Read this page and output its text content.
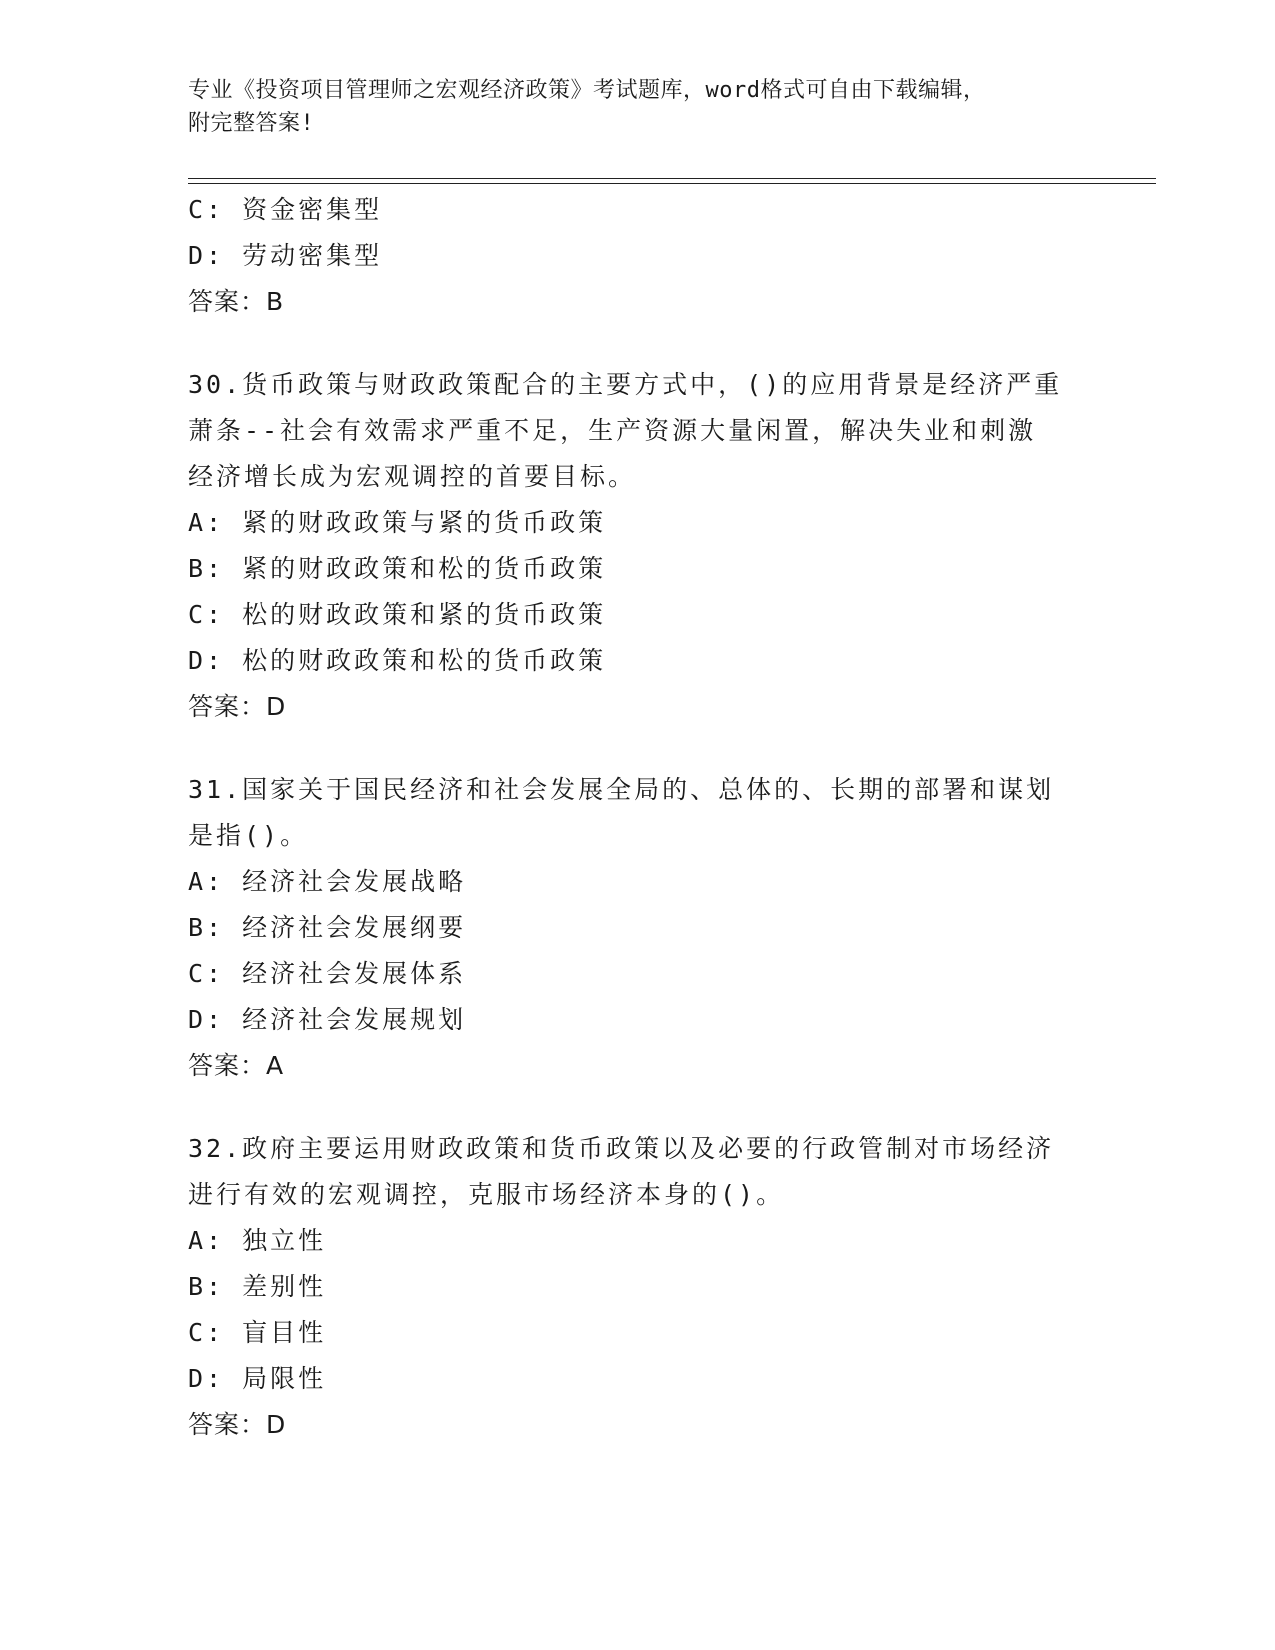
专业《投资项目管理师之宏观经济政策》考试题库，word格式可自由下载编辑，
附完整答案!
C: 资金密集型
D: 劳动密集型
答案：B
30.货币政策与财政政策配合的主要方式中，()的应用背景是经济严重
萧条--社会有效需求严重不足，生产资源大量闲置，解决失业和刺激
经济增长成为宏观调控的首要目标。
A: 紧的财政政策与紧的货币政策
B: 紧的财政政策和松的货币政策
C: 松的财政政策和紧的货币政策
D: 松的财政政策和松的货币政策
答案：D
31.国家关于国民经济和社会发展全局的、总体的、长期的部署和谋划
是指()。
A: 经济社会发展战略
B: 经济社会发展纲要
C: 经济社会发展体系
D: 经济社会发展规划
答案：A
32.政府主要运用财政政策和货币政策以及必要的行政管制对市场经济
进行有效的宏观调控，克服市场经济本身的()。
A: 独立性
B: 差别性
C: 盲目性
D: 局限性
答案：D
